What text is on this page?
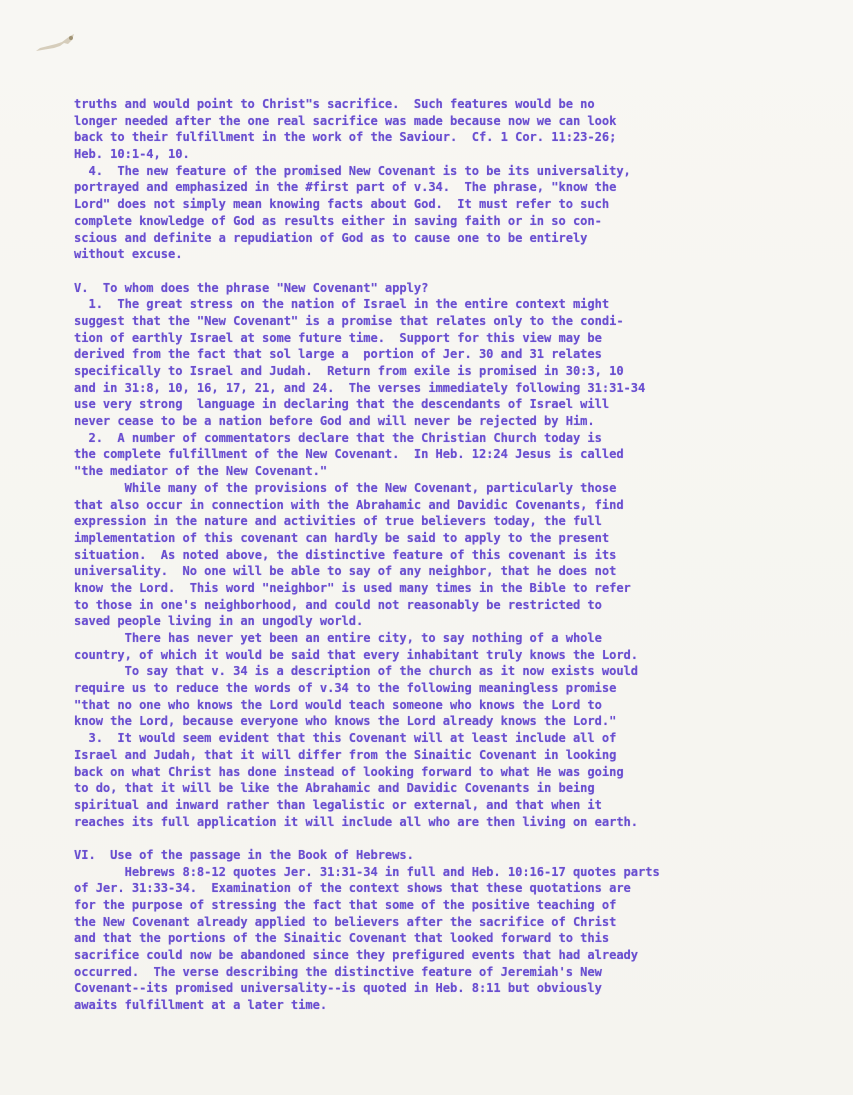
truths and would point to Christ"s sacrifice.  Such features would be no
longer needed after the one real sacrifice was made because now we can look
back to their fulfillment in the work of the Saviour.  Cf. 1 Cor. 11:23-26;
Heb. 10:1-4, 10.
4.  The new feature of the promised New Covenant is to be its universality,
portrayed and emphasized in the #first part of v.34.  The phrase, "know the
Lord" does not simply mean knowing facts about God.  It must refer to such
complete knowledge of God as results either in saving faith or in so con-
scious and definite a repudiation of God as to cause one to be entirely
without excuse.
V.  To whom does the phrase "New Covenant" apply?
1.  The great stress on the nation of Israel in the entire context might
suggest that the "New Covenant" is a promise that relates only to the condi-
tion of earthly Israel at some future time.  Support for this view may be
derived from the fact that sol large a  portion of Jer. 30 and 31 relates
specifically to Israel and Judah.  Return from exile is promised in 30:3, 10
and in 31:8, 10, 16, 17, 21, and 24.  The verses immediately following 31:31-34
use very strong  language in declaring that the descendants of Israel will
never cease to be a nation before God and will never be rejected by Him.
2.  A number of commentators declare that the Christian Church today is
the complete fulfillment of the New Covenant.  In Heb. 12:24 Jesus is called
"the mediator of the New Covenant."
While many of the provisions of the New Covenant, particularly those
that also occur in connection with the Abrahamic and Davidic Covenants, find
expression in the nature and activities of true believers today, the full
implementation of this covenant can hardly be said to apply to the present
situation.  As noted above, the distinctive feature of this covenant is its
universality.  No one will be able to say of any neighbor, that he does not
know the Lord.  This word "neighbor" is used many times in the Bible to refer
to those in one's neighborhood, and could not reasonably be restricted to
saved people living in an ungodly world.
There has never yet been an entire city, to say nothing of a whole
country, of which it would be said that every inhabitant truly knows the Lord.
To say that v. 34 is a description of the church as it now exists would
require us to reduce the words of v.34 to the following meaningless promise
"that no one who knows the Lord would teach someone who knows the Lord to
know the Lord, because everyone who knows the Lord already knows the Lord."
3.  It would seem evident that this Covenant will at least include all of
Israel and Judah, that it will differ from the Sinaitic Covenant in looking
back on what Christ has done instead of looking forward to what He was going
to do, that it will be like the Abrahamic and Davidic Covenants in being
spiritual and inward rather than legalistic or external, and that when it
reaches its full application it will include all who are then living on earth.
VI.  Use of the passage in the Book of Hebrews.
Hebrews 8:8-12 quotes Jer. 31:31-34 in full and Heb. 10:16-17 quotes parts
of Jer. 31:33-34.  Examination of the context shows that these quotations are
for the purpose of stressing the fact that some of the positive teaching of
the New Covenant already applied to believers after the sacrifice of Christ
and that the portions of the Sinaitic Covenant that looked forward to this
sacrifice could now be abandoned since they prefigured events that had already
occurred.  The verse describing the distinctive feature of Jeremiah's New
Covenant--its promised universality--is quoted in Heb. 8:11 but obviously
awaits fulfillment at a later time.
